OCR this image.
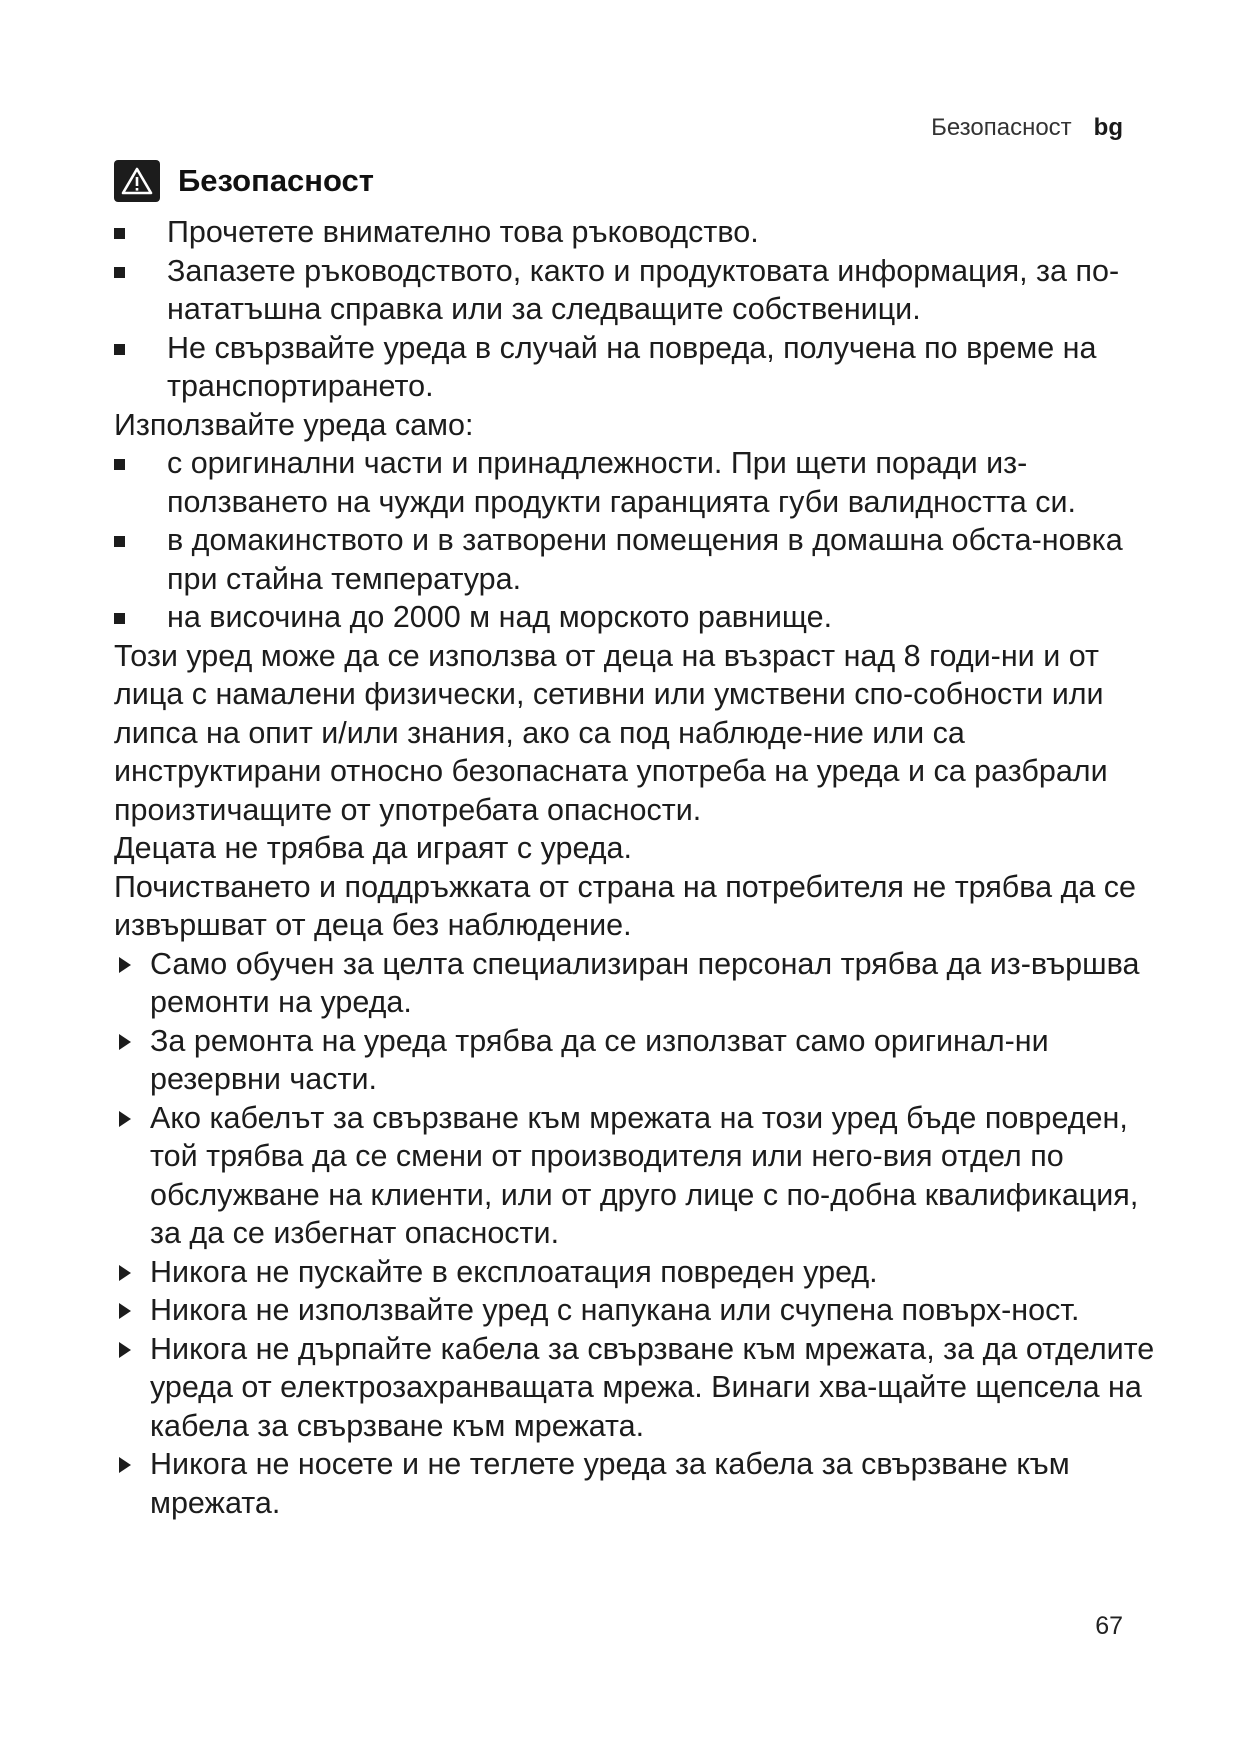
Безопасност bg
Безопасност
Прочетете внимателно това ръководство.
Запазете ръководството, както и продуктовата информация, за по-нататъшна справка или за следващите собственици.
Не свързвайте уреда в случай на повреда, получена по време на транспортирането.

Използвайте уреда само:

с оригинални части и принадлежности. При щети поради из-ползването на чужди продукти гаранцията губи валидността си.
в домакинството и в затворени помещения в домашна обста-новка при стайна температура.
на височина до 2000 м над морското равнище.

Този уред може да се използва от деца на възраст над 8 годи-ни и от лица с намалени физически, сетивни или умствени спо-собности или липса на опит и/или знания, ако са под наблюде-ние или са инструктирани относно безопасната употреба на уреда и са разбрали произтичащите от употребата опасности.

Децата не трябва да играят с уреда.

Почистването и поддръжката от страна на потребителя не трябва да се извършват от деца без наблюдение.

Само обучен за целта специализиран персонал трябва да из-вършва ремонти на уреда.
За ремонта на уреда трябва да се използват само оригинал-ни резервни части.
Ако кабелът за свързване към мрежата на този уред бъде повреден, той трябва да се смени от производителя или него-вия отдел по обслужване на клиенти, или от друго лице с по-добна квалификация, за да се избегнат опасности.
Никога не пускайте в експлоатация повреден уред.
Никога не използвайте уред с напукана или счупена повърх-ност.
Никога не дърпайте кабела за свързване към мрежата, за да отделите уреда от електрозахранващата мрежа. Винаги хва-щайте щепсела на кабела за свързване към мрежата.
Никога не носете и не теглете уреда за кабела за свързване към мрежата.
67
